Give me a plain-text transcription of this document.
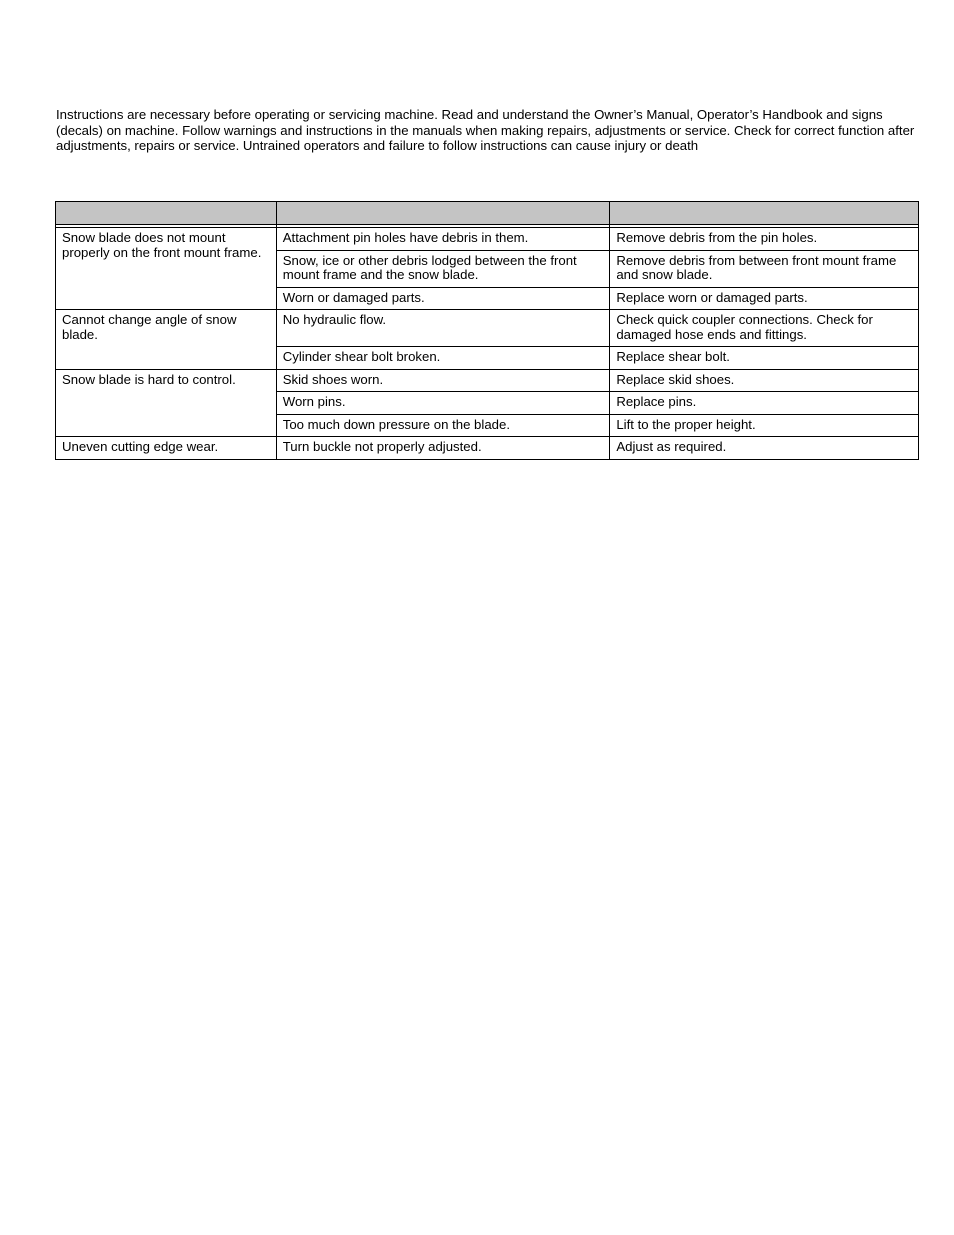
Instructions are necessary before operating or servicing machine. Read and understand the Owner’s Manual, Operator’s Handbook and signs (decals) on machine. Follow warnings and instructions in the manuals when making repairs, adjustments or service. Check for correct function after adjustments, repairs or service. Untrained operators and failure to follow instructions can cause injury or death

Snow blade does not mount properly on the front mount frame.	Attachment pin holes have debris in them.	Remove debris from the pin holes.
	Snow, ice or other debris lodged between the front mount frame and the snow blade.	Remove debris from between front mount frame and snow blade.
	Worn or damaged parts.	Replace worn or damaged parts.
Cannot change angle of snow blade.	No hydraulic flow.	Check quick coupler connections. Check for damaged hose ends and fittings.
	Cylinder shear bolt broken.	Replace shear bolt.
Snow blade is hard to control.	Skid shoes worn.	Replace skid shoes.
	Worn pins.	Replace pins.
	Too much down pressure on the blade.	Lift to the proper height.
Uneven cutting edge wear.	Turn buckle not properly adjusted.	Adjust as required.
